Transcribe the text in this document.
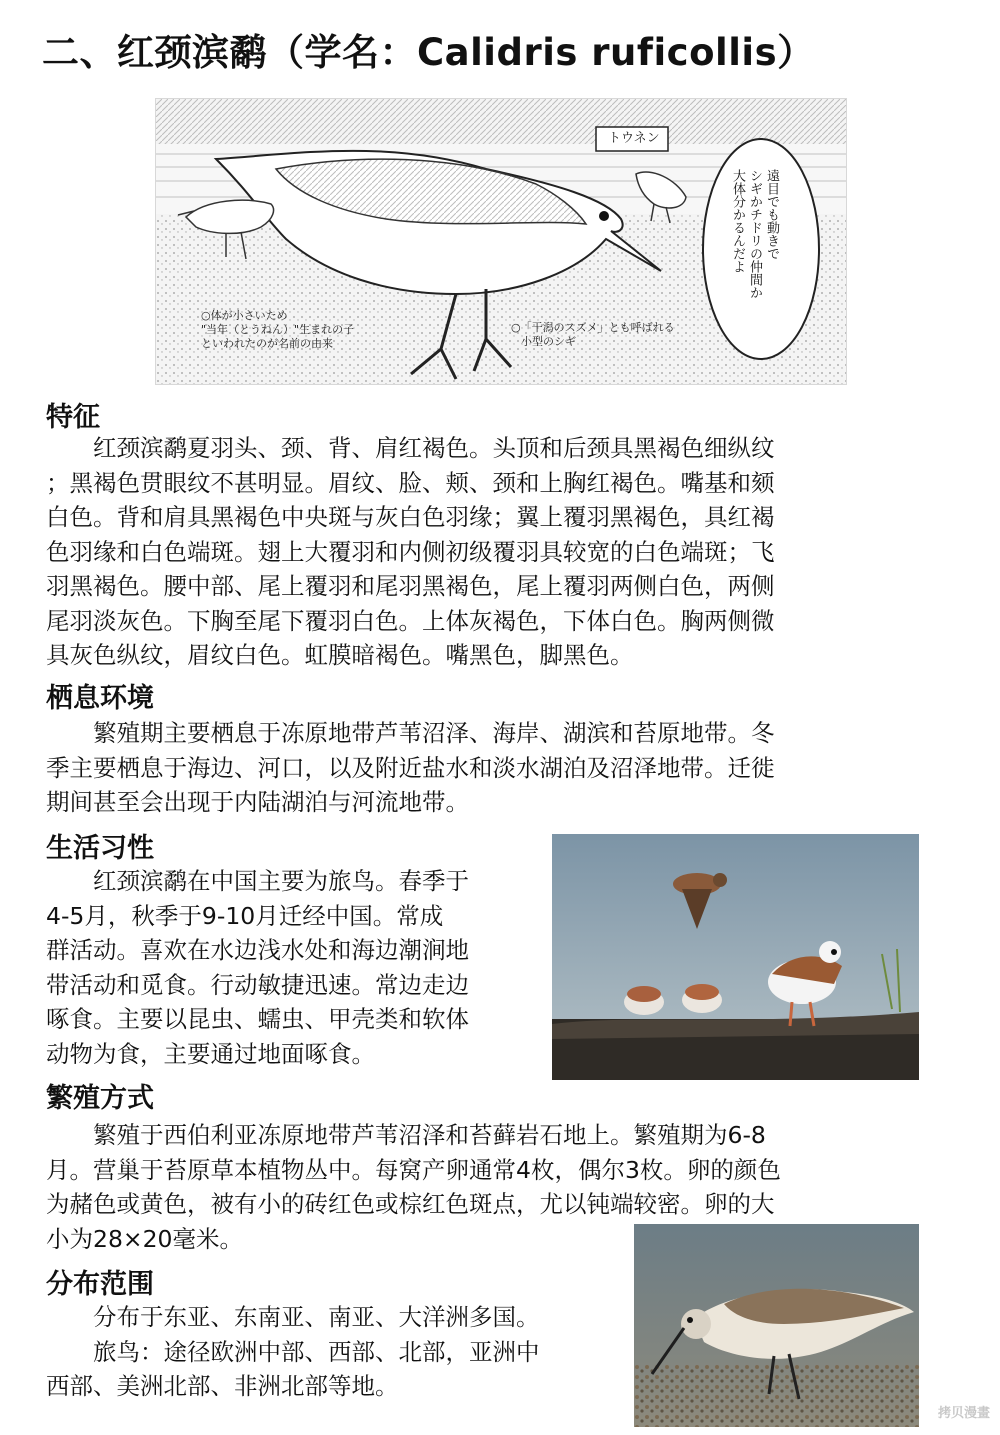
二、红颈滨鹬（学名：Calidris ruficollis）
トウネン
遠目でも動きで
シギかチドリの仲間か
大体分かるんだよ
○体が小さいため
"当年（とうねん）"生まれの子
といわれたのが名前の由来
○「干潟のスズメ」とも呼ばれる
小型のシギ
特征
　　红颈滨鹬夏羽头、颈、背、肩红褐色。头顶和后颈具黑褐色细纵纹
；黑褐色贯眼纹不甚明显。眉纹、脸、颊、颈和上胸红褐色。嘴基和颏
白色。背和肩具黑褐色中央斑与灰白色羽缘；翼上覆羽黑褐色，具红褐
色羽缘和白色端斑。翅上大覆羽和内侧初级覆羽具较宽的白色端斑；飞
羽黑褐色。腰中部、尾上覆羽和尾羽黑褐色，尾上覆羽两侧白色，两侧
尾羽淡灰色。下胸至尾下覆羽白色。上体灰褐色，下体白色。胸两侧微
具灰色纵纹，眉纹白色。虹膜暗褐色。嘴黑色，脚黑色。
栖息环境
　　繁殖期主要栖息于冻原地带芦苇沼泽、海岸、湖滨和苔原地带。冬
季主要栖息于海边、河口，以及附近盐水和淡水湖泊及沼泽地带。迁徙
期间甚至会出现于内陆湖泊与河流地带。
生活习性
　　红颈滨鹬在中国主要为旅鸟。春季于
4-5月，秋季于9-10月迁经中国。常成
群活动。喜欢在水边浅水处和海边潮涧地
带活动和觅食。行动敏捷迅速。常边走边
啄食。主要以昆虫、蠕虫、甲壳类和软体
动物为食，主要通过地面啄食。
繁殖方式
　　繁殖于西伯利亚冻原地带芦苇沼泽和苔藓岩石地上。繁殖期为6-8
月。营巢于苔原草本植物丛中。每窝产卵通常4枚，偶尔3枚。卵的颜色
为赭色或黄色，被有小的砖红色或棕红色斑点，尤以钝端较密。卵的大
小为28×20毫米。
分布范围
　　分布于东亚、东南亚、南亚、大洋洲多国。
　　旅鸟：途径欧洲中部、西部、北部，亚洲中
西部、美洲北部、非洲北部等地。
拷贝漫畫
